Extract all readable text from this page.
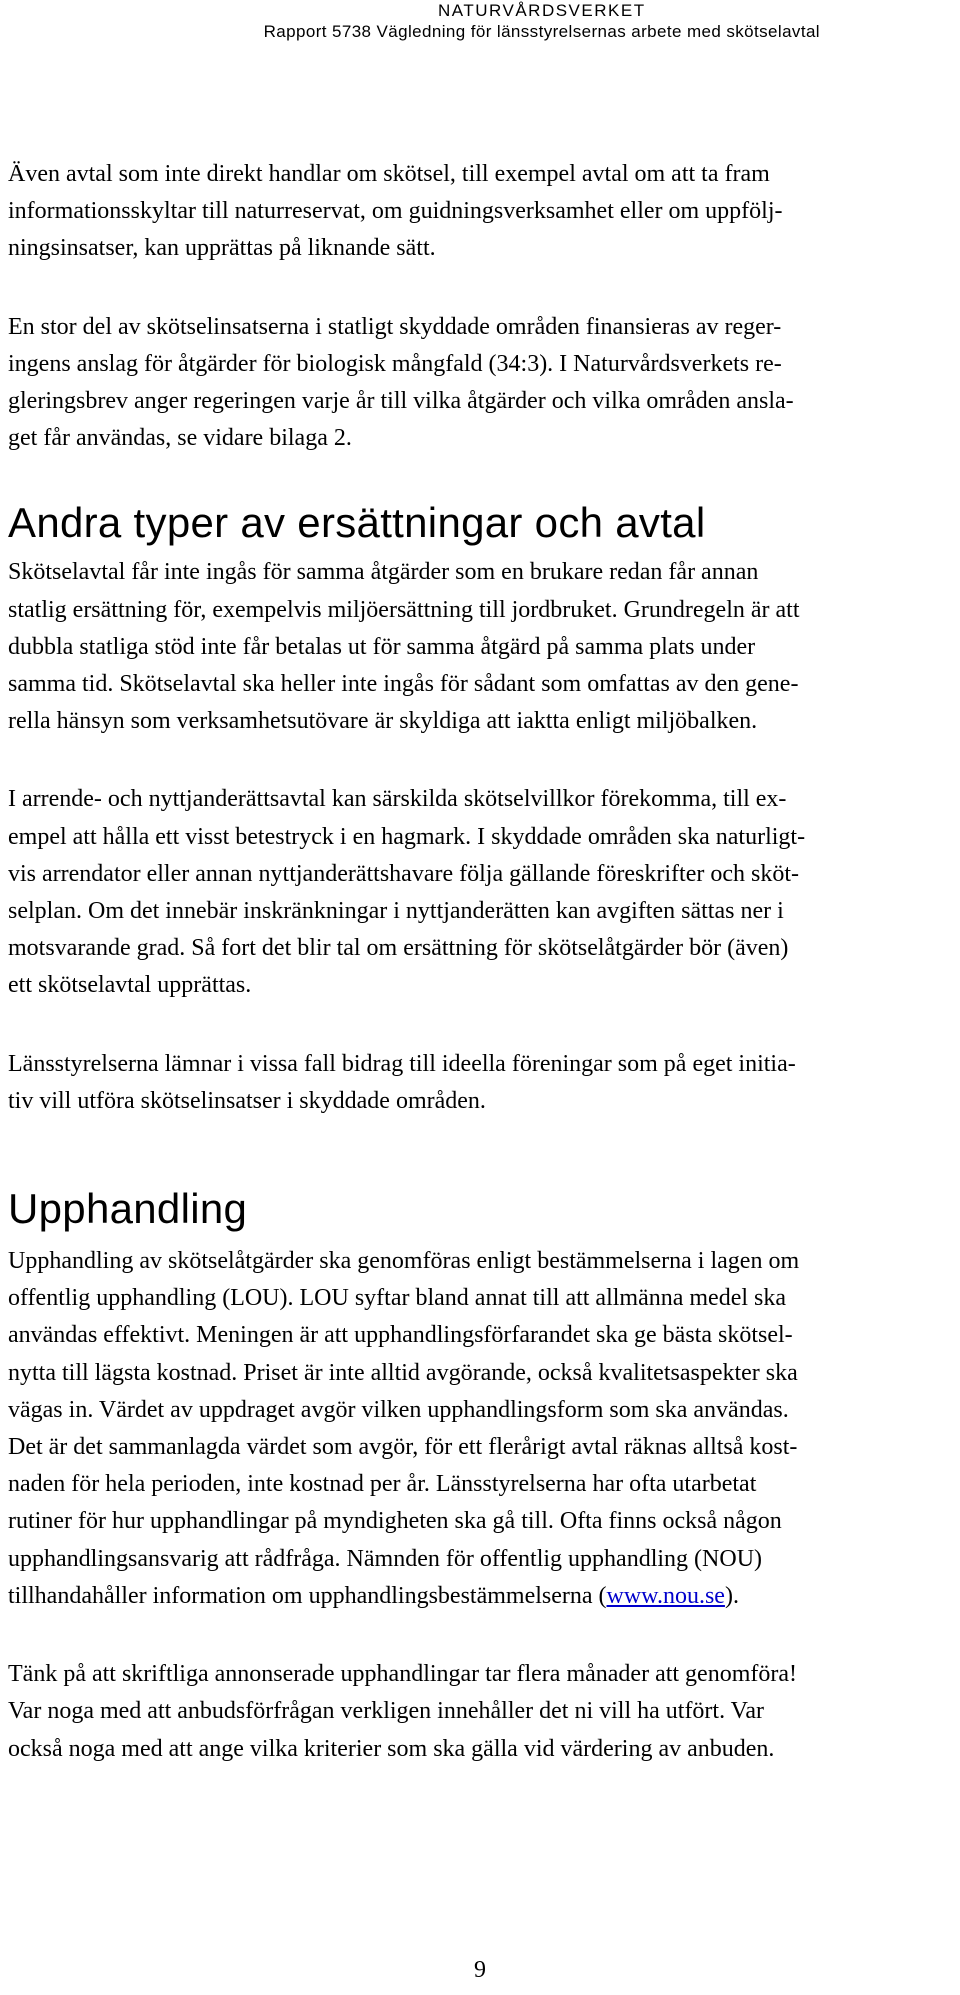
NATURVÅRDSVERKET
Rapport 5738 Vägledning för länsstyrelsernas arbete med skötselavtal

Även avtal som inte direkt handlar om skötsel, till exempel avtal om att ta fram
informationsskyltar till naturreservat, om guidningsverksamhet eller om uppfölj-
ningsinsatser, kan upprättas på liknande sätt.

En stor del av skötselinsatserna i statligt skyddade områden finansieras av reger-
ingens anslag för åtgärder för biologisk mångfald (34:3). I Naturvårdsverkets re-
gleringsbrev anger regeringen varje år till vilka åtgärder och vilka områden ansla-
get får användas, se vidare bilaga 2.

Andra typer av ersättningar och avtal

Skötselavtal får inte ingås för samma åtgärder som en brukare redan får annan
statlig ersättning för, exempelvis miljöersättning till jordbruket. Grundregeln är att
dubbla statliga stöd inte får betalas ut för samma åtgärd på samma plats under
samma tid. Skötselavtal ska heller inte ingås för sådant som omfattas av den gene-
rella hänsyn som verksamhetsutövare är skyldiga att iaktta enligt miljöbalken.

I arrende- och nyttjanderättsavtal kan särskilda skötselvillkor förekomma, till ex-
empel att hålla ett visst betestryck i en hagmark. I skyddade områden ska naturligt-
vis arrendator eller annan nyttjanderättshavare följa gällande föreskrifter och sköt-
selplan. Om det innebär inskränkningar i nyttjanderätten kan avgiften sättas ner i
motsvarande grad. Så fort det blir tal om ersättning för skötselåtgärder bör (även)
ett skötselavtal upprättas.

Länsstyrelserna lämnar i vissa fall bidrag till ideella föreningar som på eget initia-
tiv vill utföra skötselinsatser i skyddade områden.

Upphandling

Upphandling av skötselåtgärder ska genomföras enligt bestämmelserna i lagen om
offentlig upphandling (LOU). LOU syftar bland annat till att allmänna medel ska
användas effektivt. Meningen är att upphandlingsförfarandet ska ge bästa skötsel-
nytta till lägsta kostnad. Priset är inte alltid avgörande, också kvalitetsaspekter ska
vägas in. Värdet av uppdraget avgör vilken upphandlingsform som ska användas.
Det är det sammanlagda värdet som avgör, för ett flerårigt avtal räknas alltså kost-
naden för hela perioden, inte kostnad per år. Länsstyrelserna har ofta utarbetat
rutiner för hur upphandlingar på myndigheten ska gå till. Ofta finns också någon
upphandlingsansvarig att rådfråga. Nämnden för offentlig upphandling (NOU)
tillhandahåller information om upphandlingsbestämmelserna (www.nou.se).

Tänk på att skriftliga annonserade upphandlingar tar flera månader att genomföra!
Var noga med att anbudsförfrågan verkligen innehåller det ni vill ha utfört. Var
också noga med att ange vilka kriterier som ska gälla vid värdering av anbuden.

9
